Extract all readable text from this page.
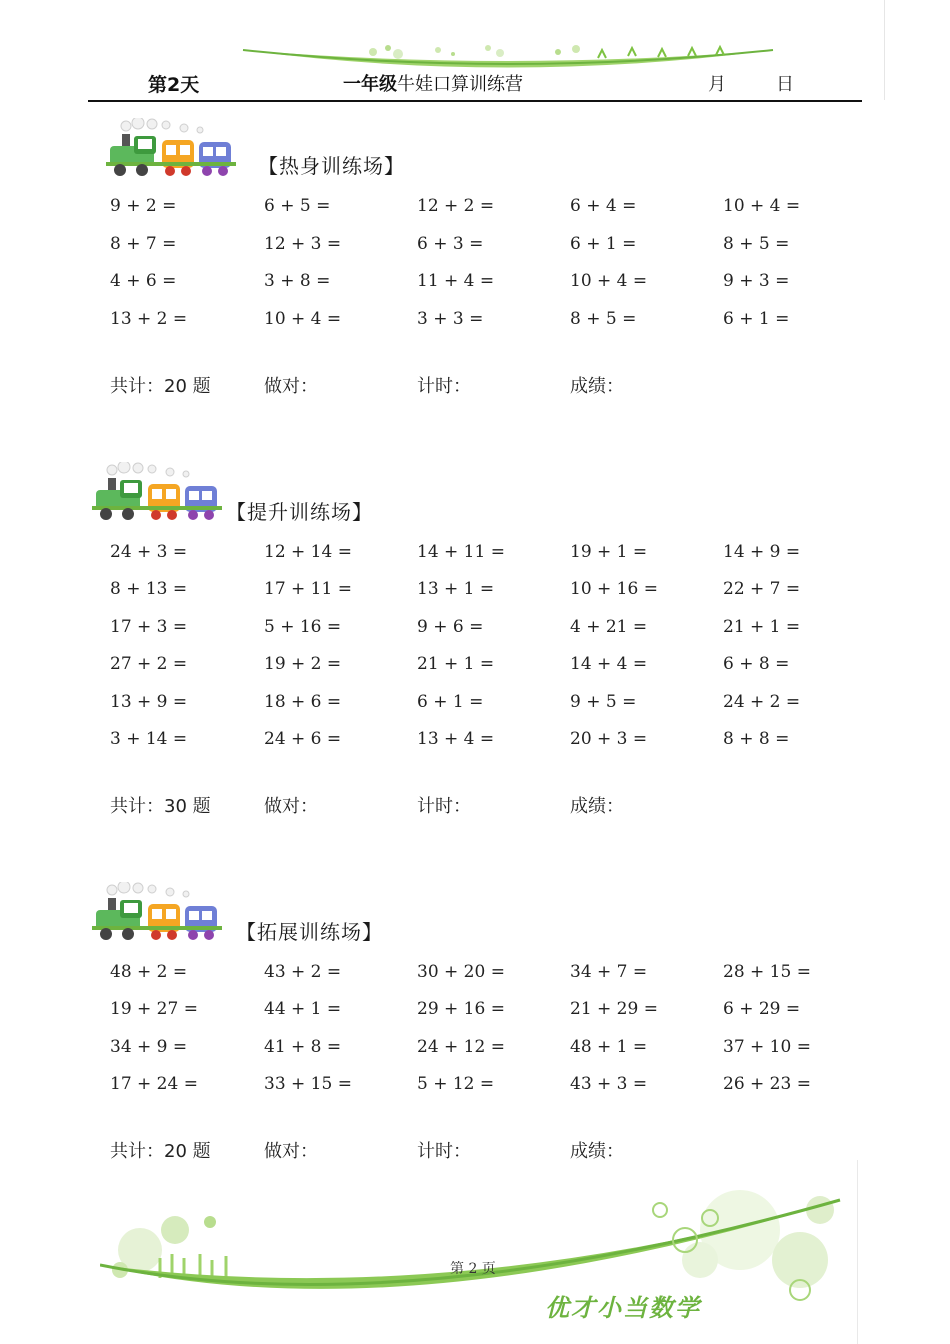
第2天	一年级牛娃口算训练营	月	日
【热身训练场】
9 + 2 =	6 + 5 =	12 + 2 =	6 + 4 =	10 + 4 =
8 + 7 =	12 + 3 =	6 + 3 =	6 + 1 =	8 + 5 =
4 + 6 =	3 + 8 =	11 + 4 =	10 + 4 =	9 + 3 =
13 + 2 =	10 + 4 =	3 + 3 =	8 + 5 =	6 + 1 =
共计：20 题	做对：	计时：	成绩：
【提升训练场】
24 + 3 =	12 + 14 =	14 + 11 =	19 + 1 =	14 + 9 =
8 + 13 =	17 + 11 =	13 + 1 =	10 + 16 =	22 + 7 =
17 + 3 =	5 + 16 =	9 + 6 =	4 + 21 =	21 + 1 =
27 + 2 =	19 + 2 =	21 + 1 =	14 + 4 =	6 + 8 =
13 + 9 =	18 + 6 =	6 + 1 =	9 + 5 =	24 + 2 =
3 + 14 =	24 + 6 =	13 + 4 =	20 + 3 =	8 + 8 =
共计：30 题	做对：	计时：	成绩：
【拓展训练场】
48 + 2 =	43 + 2 =	30 + 20 =	34 + 7 =	28 + 15 =
19 + 27 =	44 + 1 =	29 + 16 =	21 + 29 =	6 + 29 =
34 + 9 =	41 + 8 =	24 + 12 =	48 + 1 =	37 + 10 =
17 + 24 =	33 + 15 =	5 + 12 =	43 + 3 =	26 + 23 =
共计：20 题	做对：	计时：	成绩：
第 2 页
优才小当数学
